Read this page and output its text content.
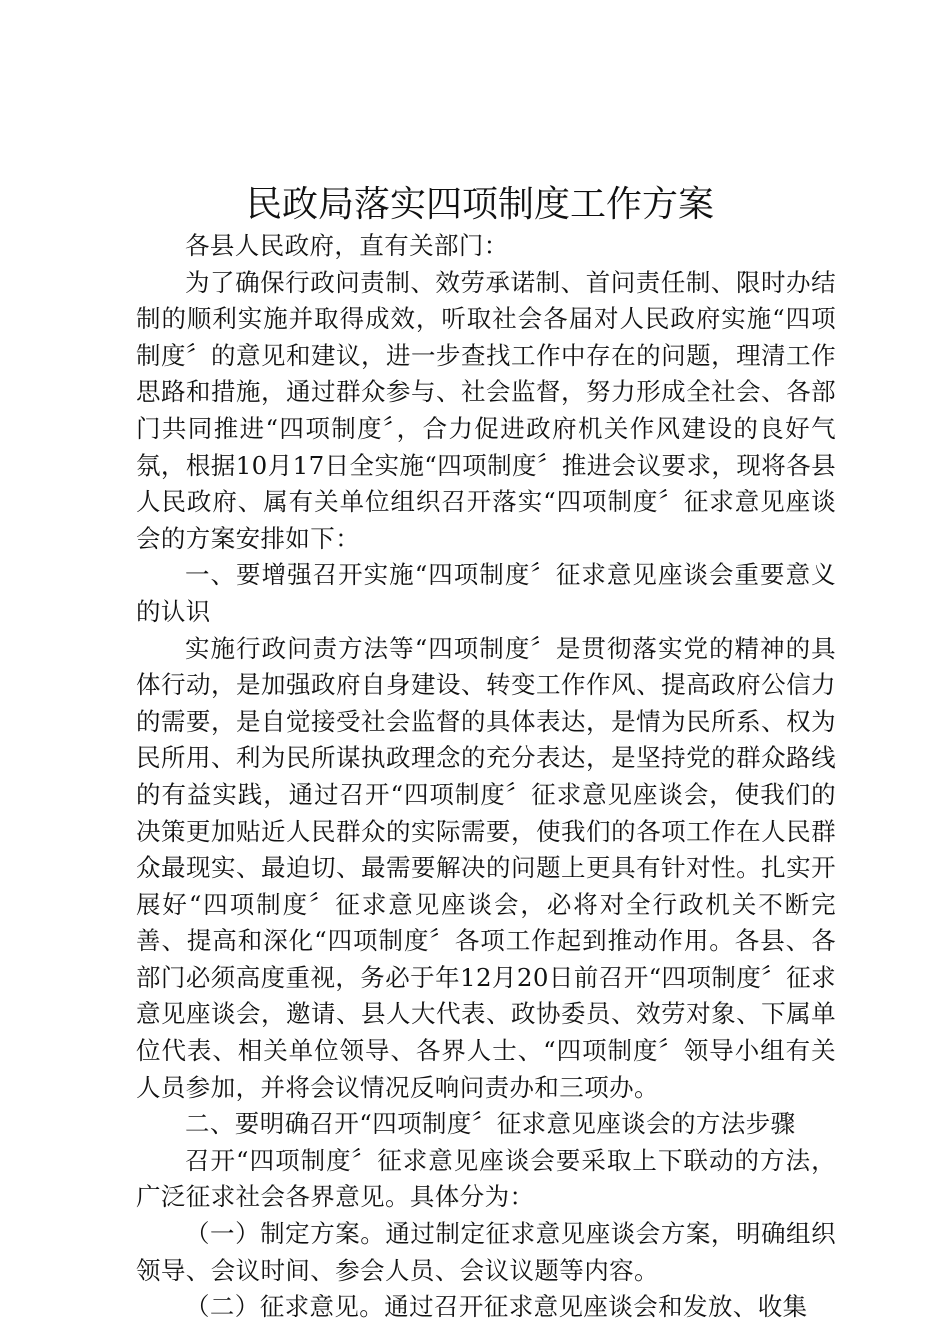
民政局落实四项制度工作方案

各县人民政府，直有关部门：

为了确保行政问责制、效劳承诺制、首问责任制、限时办结制的顺利实施并取得成效，听取社会各届对人民政府实施“四项制度〞的意见和建议，进一步查找工作中存在的问题，理清工作思路和措施，通过群众参与、社会监督，努力形成全社会、各部门共同推进“四项制度〞，合力促进政府机关作风建设的良好气氛，根据10月17日全实施“四项制度〞推进会议要求，现将各县人民政府、属有关单位组织召开落实“四项制度〞征求意见座谈会的方案安排如下：

一、要增强召开实施“四项制度〞征求意见座谈会重要意义的认识

实施行政问责方法等“四项制度〞是贯彻落实党的精神的具体行动，是加强政府自身建设、转变工作作风、提高政府公信力的需要，是自觉接受社会监督的具体表达，是情为民所系、权为民所用、利为民所谋执政理念的充分表达，是坚持党的群众路线的有益实践，通过召开“四项制度〞征求意见座谈会，使我们的决策更加贴近人民群众的实际需要，使我们的各项工作在人民群众最现实、最迫切、最需要解决的问题上更具有针对性。扎实开展好“四项制度〞征求意见座谈会，必将对全行政机关不断完善、提高和深化“四项制度〞各项工作起到推动作用。各县、各部门必须高度重视，务必于年12月20日前召开“四项制度〞征求意见座谈会，邀请、县人大代表、政协委员、效劳对象、下属单位代表、相关单位领导、各界人士、“四项制度〞领导小组有关人员参加，并将会议情况反响问责办和三项办。

二、要明确召开“四项制度〞征求意见座谈会的方法步骤

召开“四项制度〞征求意见座谈会要采取上下联动的方法，广泛征求社会各界意见。具体分为：

（一）制定方案。通过制定征求意见座谈会方案，明确组织领导、会议时间、参会人员、会议议题等内容。

（二）征求意见。通过召开征求意见座谈会和发放、收集
